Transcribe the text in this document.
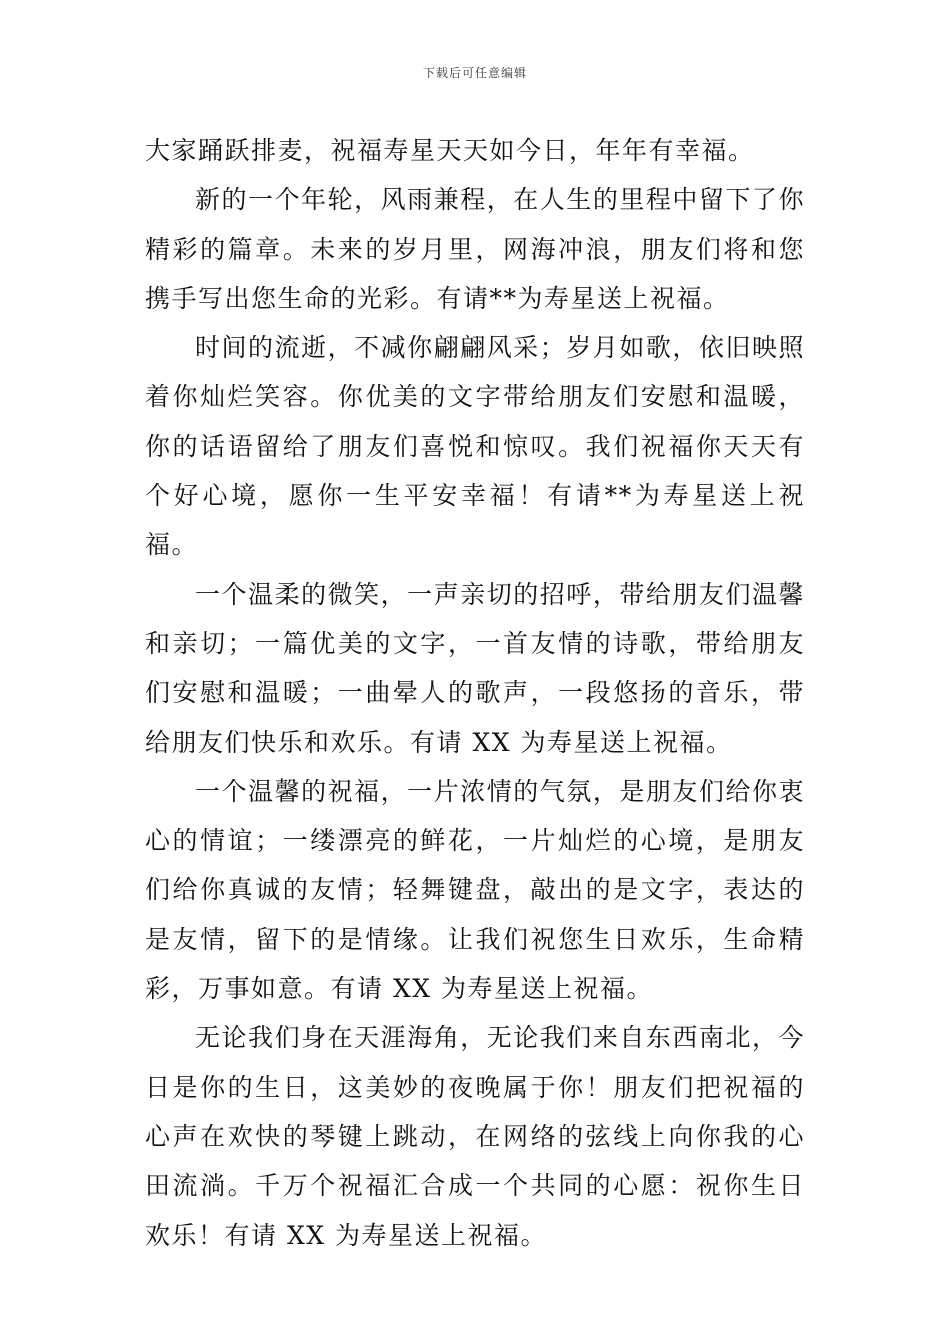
下载后可任意编辑

大家踊跃排麦，祝福寿星天天如今日，年年有幸福。

新的一个年轮，风雨兼程，在人生的里程中留下了你精彩的篇章。未来的岁月里，网海冲浪，朋友们将和您携手写出您生命的光彩。有请**为寿星送上祝福。

时间的流逝，不减你翩翩风采；岁月如歌，依旧映照着你灿烂笑容。你优美的文字带给朋友们安慰和温暖，你的话语留给了朋友们喜悦和惊叹。我们祝福你天天有个好心境，愿你一生平安幸福！有请**为寿星送上祝福。

一个温柔的微笑，一声亲切的招呼，带给朋友们温馨和亲切；一篇优美的文字，一首友情的诗歌，带给朋友们安慰和温暖；一曲晕人的歌声，一段悠扬的音乐，带给朋友们快乐和欢乐。有请 XX 为寿星送上祝福。

一个温馨的祝福，一片浓情的气氛，是朋友们给你衷心的情谊；一缕漂亮的鲜花，一片灿烂的心境，是朋友们给你真诚的友情；轻舞键盘，敲出的是文字，表达的是友情，留下的是情缘。让我们祝您生日欢乐，生命精彩，万事如意。有请 XX 为寿星送上祝福。

无论我们身在天涯海角，无论我们来自东西南北，今日是你的生日，这美妙的夜晚属于你！朋友们把祝福的心声在欢快的琴键上跳动，在网络的弦线上向你我的心田流淌。千万个祝福汇合成一个共同的心愿：祝你生日欢乐！有请 XX 为寿星送上祝福。
